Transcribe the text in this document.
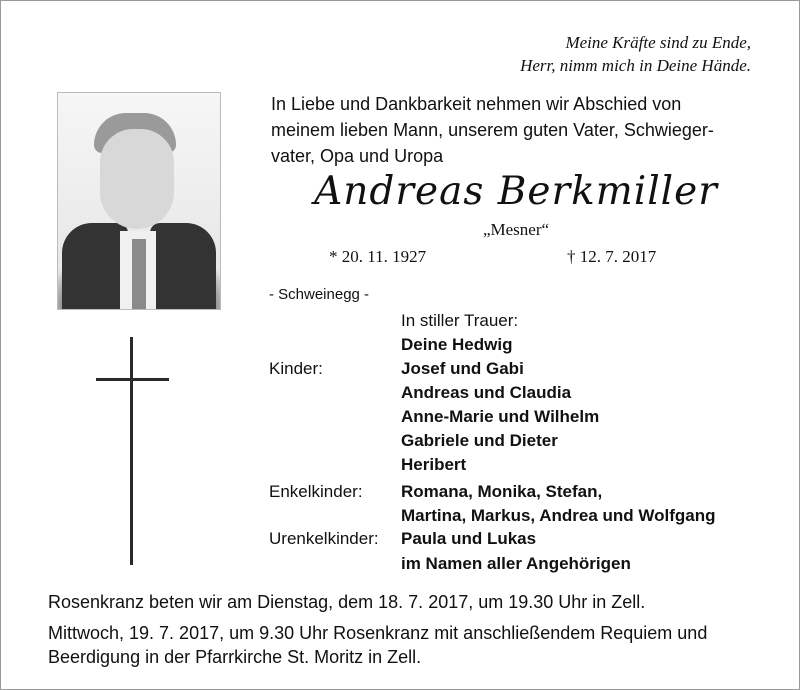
Meine Kräfte sind zu Ende,
Herr, nimm mich in Deine Hände.
In Liebe und Dankbarkeit nehmen wir Abschied von
meinem lieben Mann, unserem guten Vater, Schwieger-
vater, Opa und Uropa
Andreas Berkmiller
„Mesner“
* 20. 11. 1927	† 12. 7. 2017
- Schweinegg -
In stiller Trauer:
Deine Hedwig
Kinder:	Josef und Gabi
Andreas und Claudia
Anne-Marie und Wilhelm
Gabriele und Dieter
Heribert
Enkelkinder: Romana, Monika, Stefan,
Martina, Markus, Andrea und Wolfgang
Urenkelkinder: Paula und Lukas
im Namen aller Angehörigen
Rosenkranz beten wir am Dienstag, dem 18. 7. 2017, um 19.30 Uhr in Zell.
Mittwoch, 19. 7. 2017, um 9.30 Uhr Rosenkranz mit anschließendem Requiem und
Beerdigung in der Pfarrkirche St. Moritz in Zell.
